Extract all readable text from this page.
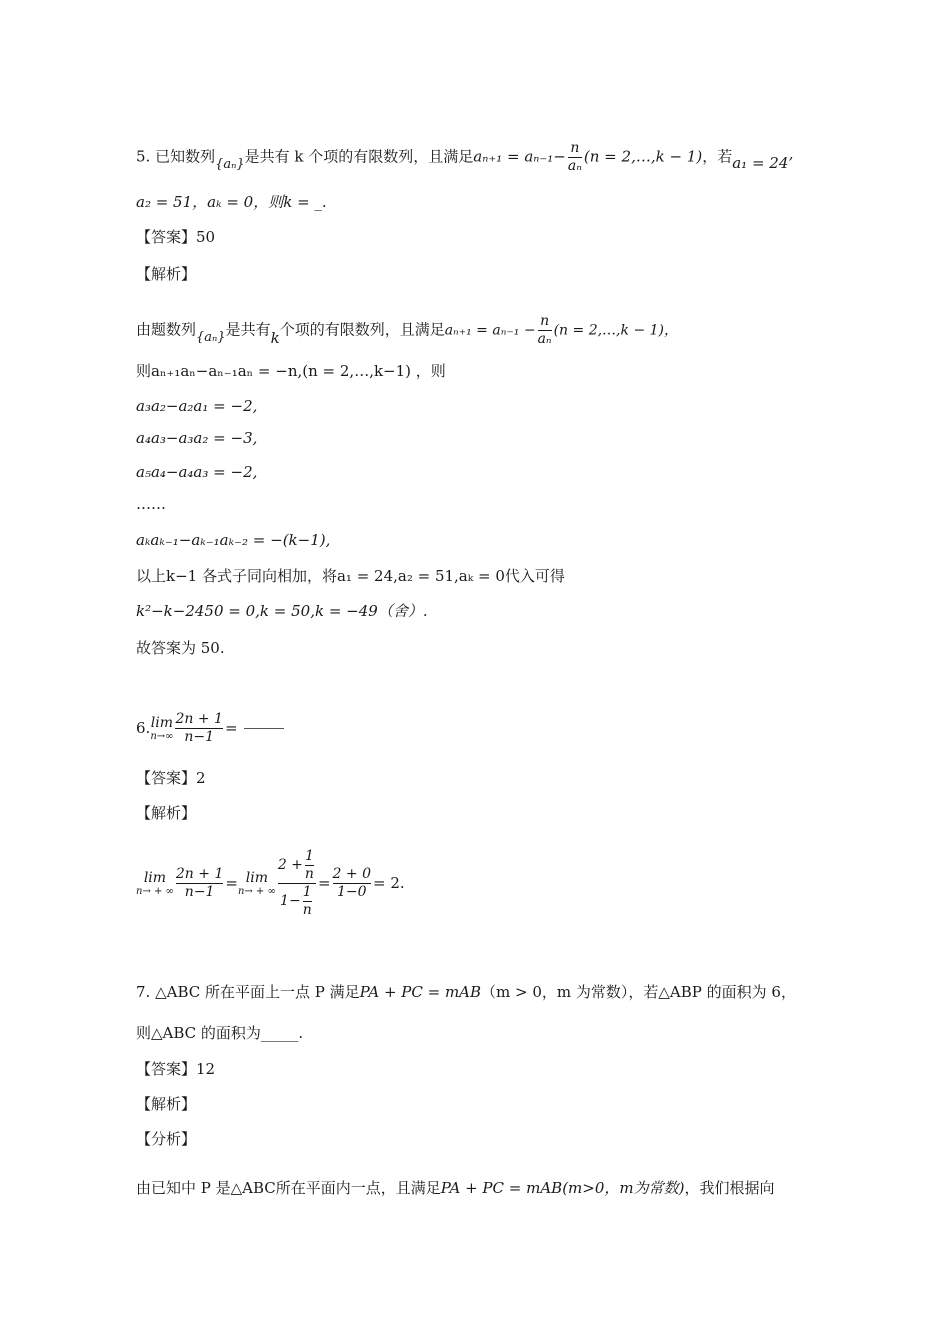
5. 已知数列{aₙ}是共有 k 个项的有限数列，且满足$a_{n+1} = a_{n-1}- \frac{n}{\text{aₙ}} (n$ = 2,…,k − 1)，若a₁ = 24’
a₂ = 51，aₖ = 0，则k = _.
【答案】50
【解析】
由题数列{aₙ}是共有k个项的有限数列，且满足$a_{n+1} = a_{n-1} - \frac{n}{\text{aₙ}} (n$ = 2,…,k − 1)，
则aₙ₊₁aₙ−aₙ₋₁aₙ = −n,(n = 2,…,k−1) ，则
a₃a₂−a₂a₁ = −2,
a₄a₃−a₃a₂ = −3,
a₅a₄−a₄a₃ = −2,
……
aₖaₖ₋₁−aₖ₋₁aₖ₋₂ = −(k−1),
以上k−1 各式子同向相加，将a₁ = 24,a₂ = 51,aₖ = 0代入可得
k²−k−2450 = 0,k = 50,k = −49（舍）.
故答案为 50.
6. lim
$n\to\infty \frac{2n + 1}{n-1}$ =
【答案】2
【解析】
lim
n→ + ∞ $\frac{2n + 1}{n-1} = \lim$
n→ + ∞ $\frac{2 + \frac{1}{n}}{1- \frac{1}{n}} = \frac{2 + 0}{1-0} = 2$.
7. △ABC 所在平面上一点 P 满足PA + PC = mAB（m > 0，m 为常数），若△ABP 的面积为 6，
则△ABC 的面积为_____.
【答案】12
【解析】
【分析】
由已知中 P 是△ABC所在平面内一点，且满足PA + PC = mAB(m>0，m为常数)，我们根据向
